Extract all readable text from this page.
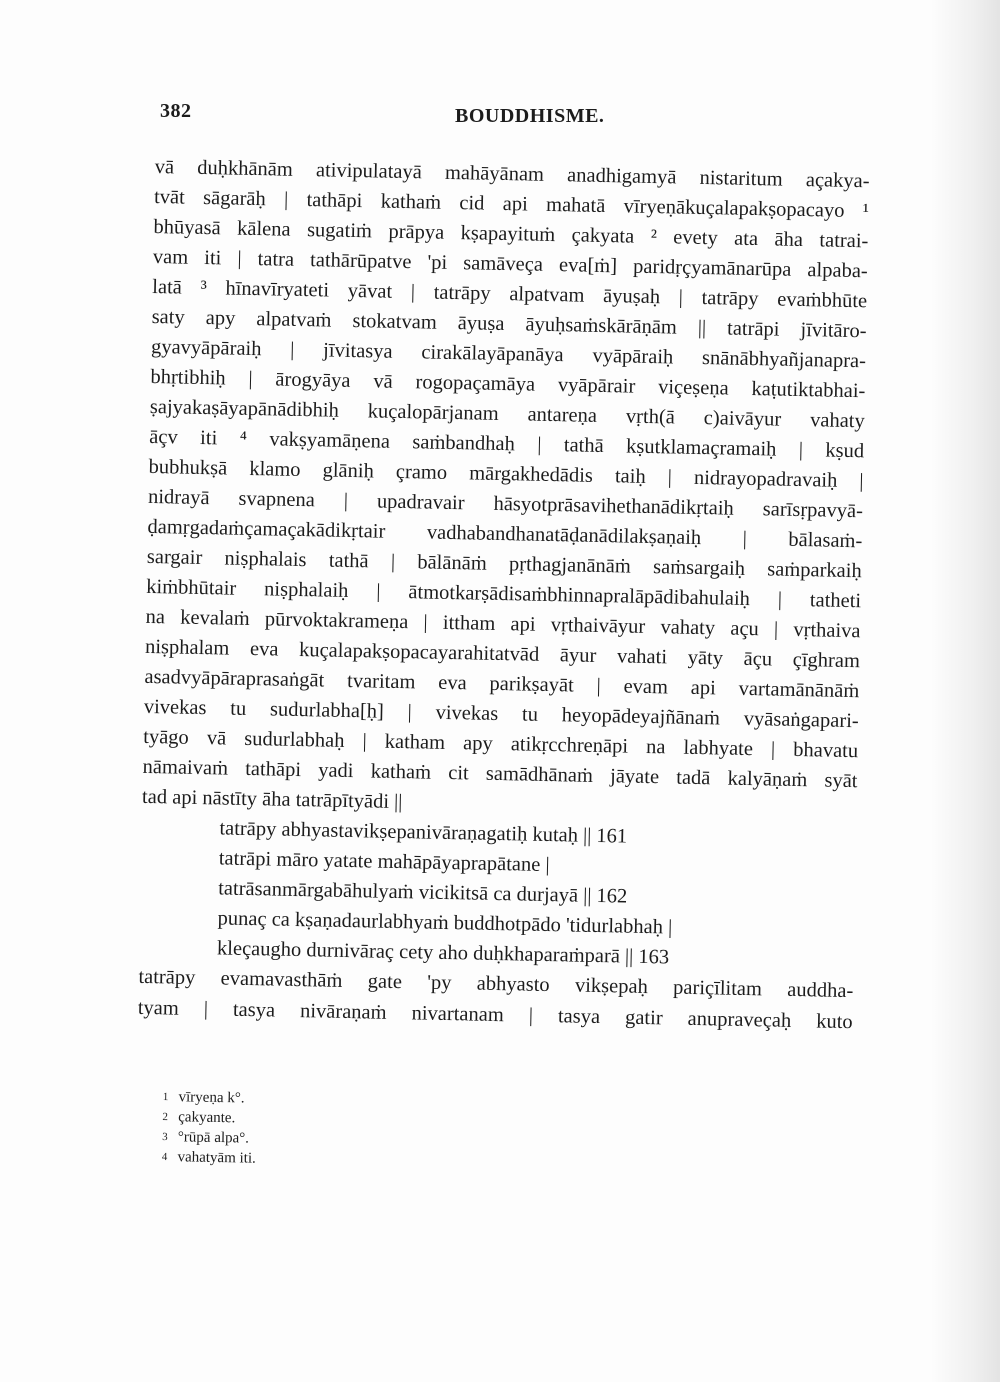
382	BOUDDHISME.
vā duḥkhānām ativipulatayā mahāyānam anadhigamyā nistaritum açakya-
tvāt sāgarāḥ | tathāpi kathaṁ cid api mahatā vīryeṇākuçalapakṣopacayo ¹
bhūyasā kālena sugatiṁ prāpya kṣapayituṁ çakyata ² evety ata āha tatrai-
vam iti | tatra tathārūpatve 'pi samāveça eva[ṁ] paridṛçyamānarūpa alpaba-
latā ³ hīnavīryateti yāvat | tatrāpy alpatvam āyuṣaḥ | tatrāpy evaṁbhūte
saty apy alpatvaṁ stokatvam āyuṣa āyuḥsaṁskārāṇām || tatrāpi jīvitāro-
gyavyāpāraiḥ | jīvitasya cirakālayāpanāya vyāpāraiḥ snānābhyañjanapra-
bhṛtibhiḥ | ārogyāya vā rogopaçamāya vyāpārair viçeṣeṇa kaṭutiktabhai-
ṣajyakaṣāyapānādibhiḥ kuçalopārjanam antareṇa vṛth(ā c)aivāyur vahaty
āçv iti ⁴ vakṣyamāṇena saṁbandhaḥ | tathā kṣutklamaçramaiḥ | kṣud
bubhukṣā klamo glāniḥ çramo mārgakhedādis taiḥ | nidrayopadravaiḥ |
nidrayā svapnena | upadravair hāsyotprāsavihethanādikṛtaiḥ sarīsṛpavyā-
ḍamṛgadaṁçamaçakādikṛtair vadhabandhanatāḍanādilakṣaṇaiḥ | bālasaṁ-
sargair niṣphalais tathā | bālānāṁ pṛthagjanānāṁ saṁsargaiḥ saṁparkaiḥ
kiṁbhūtair niṣphalaiḥ | ātmotkarṣādisaṁbhinnapralāpādibahulaiḥ | tatheti
na kevalaṁ pūrvoktakrameṇa | ittham api vṛthaivāyur vahaty açu | vṛthaiva
niṣphalam eva kuçalapakṣopacayarahitatvād āyur vahati yāty āçu çīghram
asadvyāpāraprasaṅgāt tvaritam eva parikṣayāt | evam api vartamānānāṁ
vivekas tu sudurlabha[ḥ] | vivekas tu heyopādeyajñānaṁ vyāsaṅgapari-
tyāgo vā sudurlabhaḥ | katham apy atikṛcchreṇāpi na labhyate | bhavatu
nāmaivaṁ tathāpi yadi kathaṁ cit samādhānaṁ jāyate tadā kalyāṇaṁ syāt
tad api nāstīty āha tatrāpītyādi ||
tatrāpy abhyastavikṣepanivāraṇagatiḥ kutaḥ || 161
tatrāpi māro yatate mahāpāyaprapātane |
tatrāsanmārgabāhulyaṁ vicikitsā ca durjayā || 162
punaç ca kṣaṇadaurlabhyaṁ buddhotpādo 'tidurlabhaḥ |
kleçaugho durnivāraç cety aho duḥkhaparaṁparā || 163
tatrāpy evamavasthāṁ gate 'py abhyasto vikṣepaḥ pariçīlitam auddha-
tyam | tasya nivāraṇaṁ nivartanam | tasya gatir anupraveçaḥ kuto
1 vīryeṇa k°.
2 çakyante.
3 °rūpā alpa°.
4 vahatyām iti.
